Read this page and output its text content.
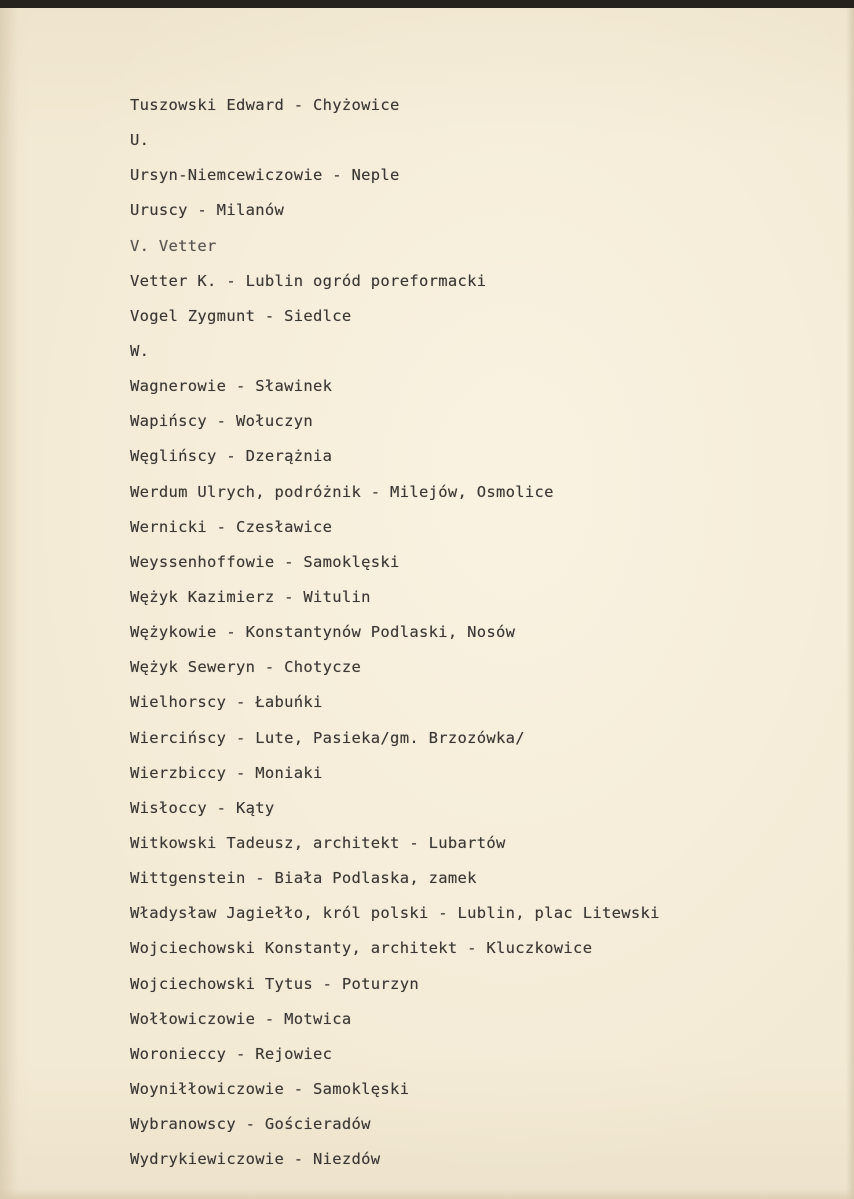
Tuszowski Edward - Chyżowice
U.
Ursyn-Niemcewiczowie - Neple
Uruscy - Milanów
V. Vetter
Vetter K. - Lublin ogród poreformacki
Vogel Zygmunt - Siedlce
W.
Wagnerowie - Sławinek
Wapińscy - Wołuczyn
Węglińscy - Dzerążnia
Werdum Ulrych, podróżnik - Milejów, Osmolice
Wernicki - Czesławice
Weyssenhoffowie - Samoklęski
Wężyk Kazimierz - Witulin
Wężykowie - Konstantynów Podlaski, Nosów
Wężyk Seweryn - Chotycze
Wielhorscy - Łabuńki
Wiercińscy - Lute, Pasieka/gm. Brzozówka/
Wierzbiccy - Moniaki
Wisłoccy - Kąty
Witkowski Tadeusz, architekt - Lubartów
Wittgenstein - Biała Podlaska, zamek
Władysław Jagiełło, król polski - Lublin, plac Litewski
Wojciechowski Konstanty, architekt - Kluczkowice
Wojciechowski Tytus - Poturzyn
Wołłowiczowie - Motwica
Woronieccy - Rejowiec
Woyniłłowiczowie - Samoklęski
Wybranowscy - Gościeradów
Wydrykiewiczowie - Niezdów
